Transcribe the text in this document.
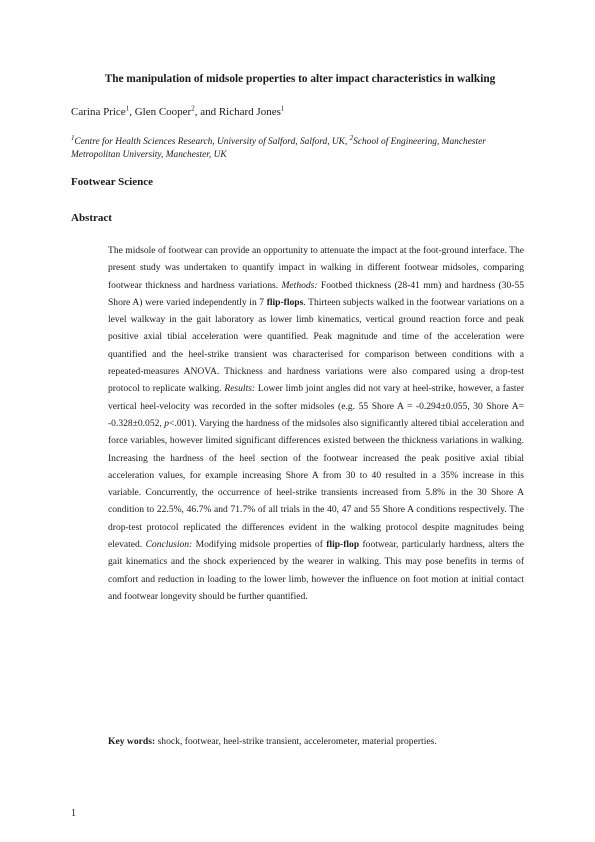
The manipulation of midsole properties to alter impact characteristics in walking
Carina Price$^1$, Glen Cooper$^2$, and Richard Jones$^1$
$^1$Centre for Health Sciences Research, University of Salford, Salford, UK, $^2$School of Engineering, Manchester Metropolitan University, Manchester, UK
Footwear Science
Abstract
The midsole of footwear can provide an opportunity to attenuate the impact at the foot-ground interface. The present study was undertaken to quantify impact in walking in different footwear midsoles, comparing footwear thickness and hardness variations. Methods: Footbed thickness (28-41 mm) and hardness (30-55 Shore A) were varied independently in 7 flip-flops. Thirteen subjects walked in the footwear variations on a level walkway in the gait laboratory as lower limb kinematics, vertical ground reaction force and peak positive axial tibial acceleration were quantified. Peak magnitude and time of the acceleration were quantified and the heel-strike transient was characterised for comparison between conditions with a repeated-measures ANOVA. Thickness and hardness variations were also compared using a drop-test protocol to replicate walking. Results: Lower limb joint angles did not vary at heel-strike, however, a faster vertical heel-velocity was recorded in the softer midsoles (e.g. 55 Shore A = -0.294±0.055, 30 Shore A= -0.328±0.052, p<.001). Varying the hardness of the midsoles also significantly altered tibial acceleration and force variables, however limited significant differences existed between the thickness variations in walking. Increasing the hardness of the heel section of the footwear increased the peak positive axial tibial acceleration values, for example increasing Shore A from 30 to 40 resulted in a 35% increase in this variable. Concurrently, the occurrence of heel-strike transients increased from 5.8% in the 30 Shore A condition to 22.5%, 46.7% and 71.7% of all trials in the 40, 47 and 55 Shore A conditions respectively. The drop-test protocol replicated the differences evident in the walking protocol despite magnitudes being elevated. Conclusion: Modifying midsole properties of flip-flop footwear, particularly hardness, alters the gait kinematics and the shock experienced by the wearer in walking. This may pose benefits in terms of comfort and reduction in loading to the lower limb, however the influence on foot motion at initial contact and footwear longevity should be further quantified.
Key words: shock, footwear, heel-strike transient, accelerometer, material properties.
1
